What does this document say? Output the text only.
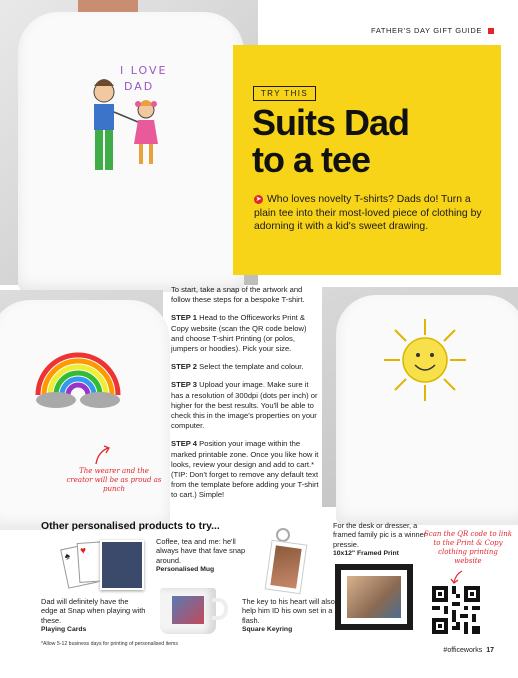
FATHER'S DAY GIFT GUIDE
I LOVE
DAD
TRY THIS
Suits Dad
to a tee
➤ Who loves novelty T-shirts? Dads do! Turn a plain tee into their most-loved piece of clothing by adorning it with a kid's sweet drawing.
The wearer and the creator will be as proud as punch

To start, take a snap of the artwork and follow these steps for a bespoke T-shirt.

STEP 1 Head to the Officeworks Print & Copy website (scan the QR code below) and choose T-shirt Printing (or polos, jumpers or hoodies). Pick your size.

STEP 2 Select the template and colour.

STEP 3 Upload your image. Make sure it has a resolution of 300dpi (dots per inch) or higher for the best results. You'll be able to check this in the image's properties on your computer.

STEP 4 Position your image within the marked printable zone. Once you like how it looks, review your design and add to cart.* (TIP: Don't forget to remove any default text from the template before adding your T-shirt to cart.) Simple!

Other personalised products to try...
♠ ♥
Dad will definitely have the edge at Snap when playing with these.
Playing Cards
Coffee, tea and me: he'll always have that fave snap around.
Personalised Mug
The key to his heart will also help him ID his own set in a flash.
Square Keyring
For the desk or dresser, a framed family pic is a winner pressie.
10x12" Framed Print
Scan the QR code to link to the Print & Copy clothing printing website
*Allow 5-12 business days for printing of personalised items
#officeworks 17
